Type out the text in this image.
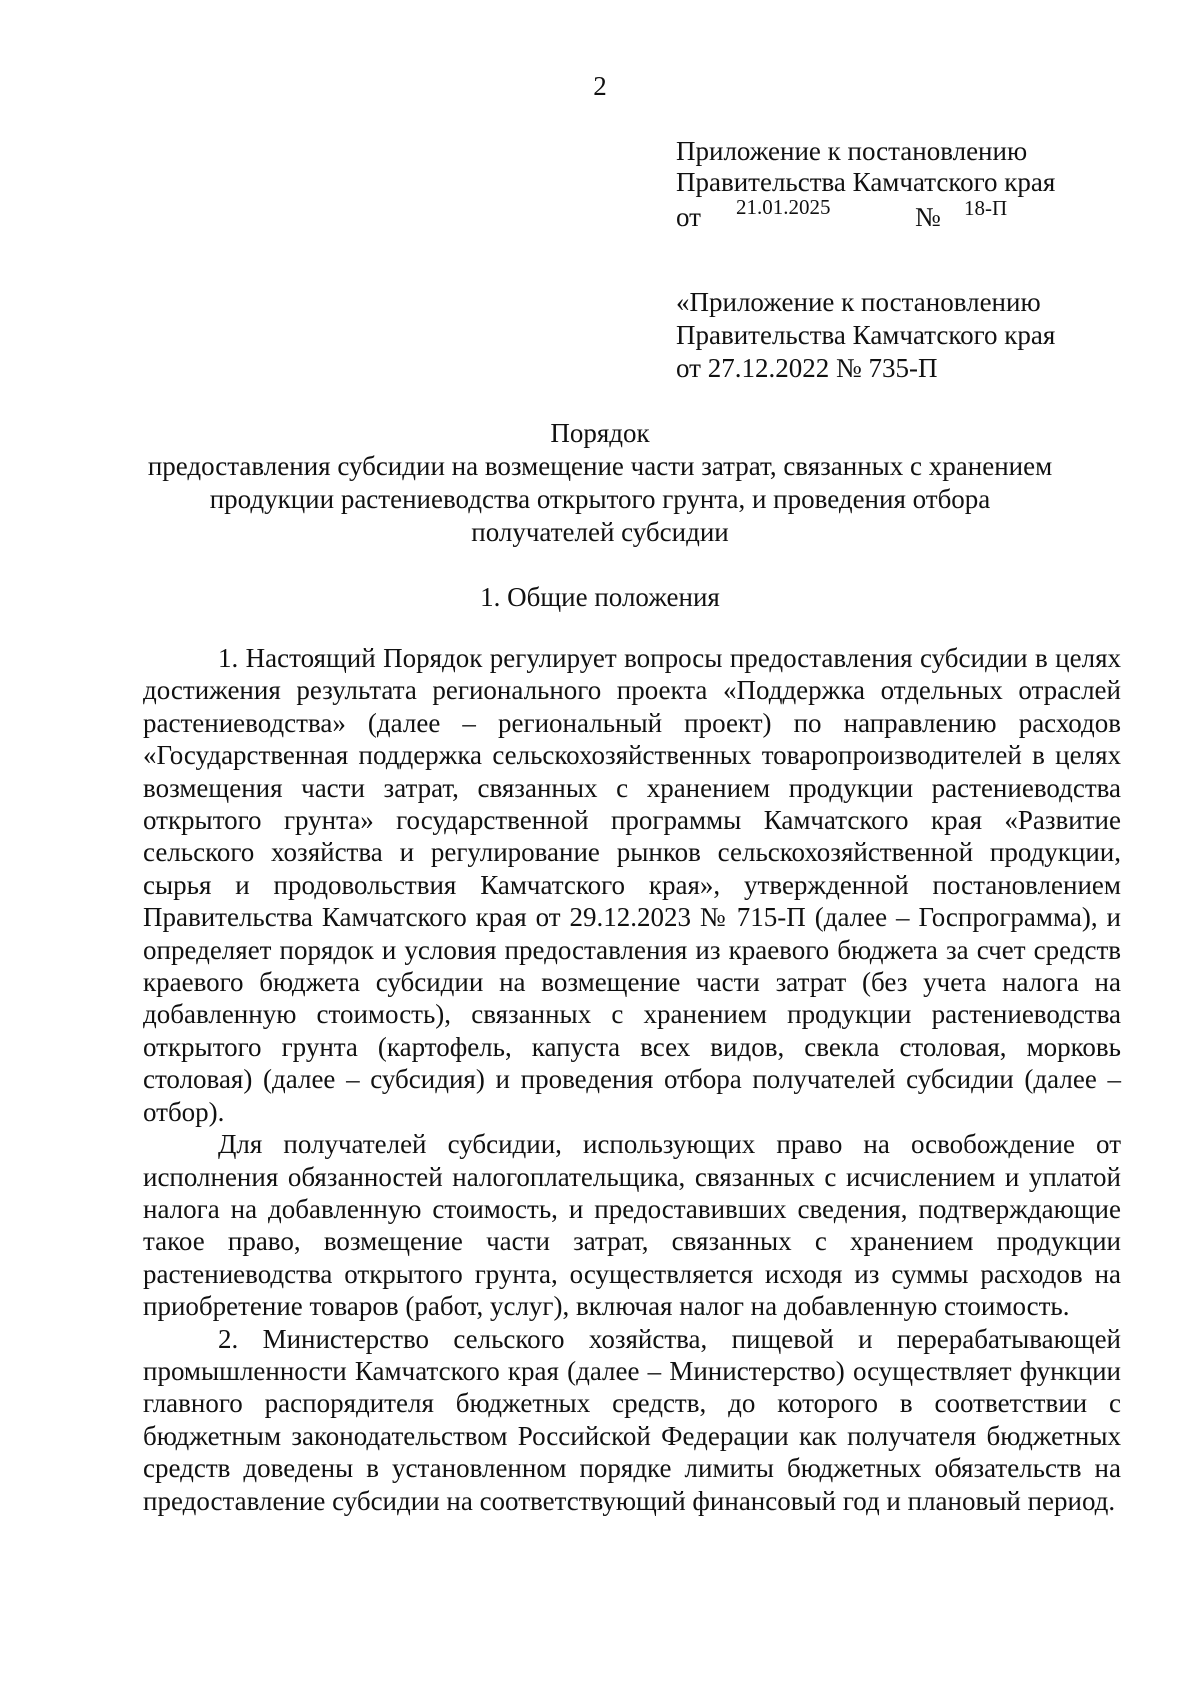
2
Приложение к постановлению
Правительства Камчатского края
от 21.01.2025	№ 18-П
«Приложение к постановлению
Правительства Камчатского края
от 27.12.2022 № 735-П
Порядок
предоставления субсидии на возмещение части затрат, связанных с хранением
продукции растениеводства открытого грунта, и проведения отбора
получателей субсидии
1. Общие положения

1. Настоящий Порядок регулирует вопросы предоставления субсидии в целях достижения результата регионального проекта «Поддержка отдельных отраслей растениеводства» (далее – региональный проект) по направлению расходов «Государственная поддержка сельскохозяйственных товаропроизводителей в целях возмещения части затрат, связанных с хранением продукции растениеводства открытого грунта» государственной программы Камчатского края «Развитие сельского хозяйства и регулирование рынков сельскохозяйственной продукции, сырья и продовольствия Камчатского края», утвержденной постановлением Правительства Камчатского края от 29.12.2023 № 715-П (далее – Госпрограмма), и определяет порядок и условия предоставления из краевого бюджета за счет средств краевого бюджета субсидии на возмещение части затрат (без учета налога на добавленную стоимость), связанных с хранением продукции растениеводства открытого грунта (картофель, капуста всех видов, свекла столовая, морковь столовая) (далее – субсидия) и проведения отбора получателей субсидии (далее – отбор).

Для получателей субсидии, использующих право на освобождение от исполнения обязанностей налогоплательщика, связанных с исчислением и уплатой налога на добавленную стоимость, и предоставивших сведения, подтверждающие такое право, возмещение части затрат, связанных с хранением продукции растениеводства открытого грунта, осуществляется исходя из суммы расходов на приобретение товаров (работ, услуг), включая налог на добавленную стоимость.

2. Министерство сельского хозяйства, пищевой и перерабатывающей промышленности Камчатского края (далее – Министерство) осуществляет функции главного распорядителя бюджетных средств, до которого в соответствии с бюджетным законодательством Российской Федерации как получателя бюджетных средств доведены в установленном порядке лимиты бюджетных обязательств на предоставление субсидии на соответствующий финансовый год и плановый период.
